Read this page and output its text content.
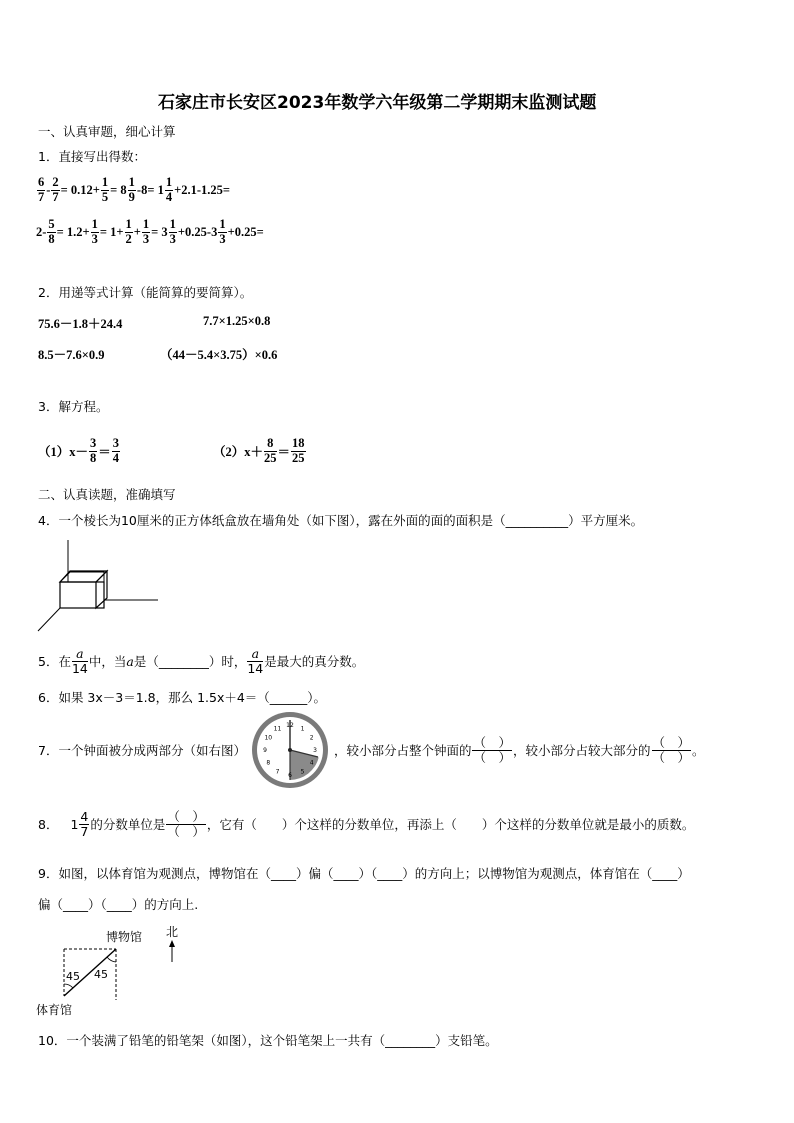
石家庄市长安区2023年数学六年级第二学期期末监测试题
一、认真审题，细心计算
1．直接写出得数：
$\frac{6}{7} - \frac{2}{7} = 0.12+ \frac{1}{5} = 8 \frac{1}{9} -8= 1 \frac{1}{4} +2.1-1.25=$
$2- \frac{5}{8} = 1.2+ \frac{1}{3} = 1+ \frac{1}{2} + \frac{1}{3} = 3 \frac{1}{3} +0.25-3 \frac{1}{3} +0.25=$
2．用递等式计算（能简算的要简算）。
75.6－1.8＋24.4	7.7×1.25×0.8
8.5－7.6×0.9	（44－5.4×3.75）×0.6
3．解方程。
$(1)x- \frac{3}{8} = \frac{3}{4}$	$(2)x+ \frac{8}{25} = \frac{18}{25}$
二、认真读题，准确填写
4．一个棱长为10厘米的正方体纸盒放在墙角处（如下图），露在外面的面的面积是（__________）平方厘米。
5．在 $\frac{a}{14}$ 中，当 a 是（________）时， $\frac{a}{14}$ 是最大的真分数。
6．如果 3x－3＝1.8，那么 1.5x＋4＝（______）。
7．一个钟面被分成两部分（如右图）
12 1
2
3
4
5
6
7
8
9
10
11
，较小部分占整个钟面的 $\frac{( )}{( )}$ ，较小部分占较大部分的 $\frac{( )}{( )}$ 。
8． $1 \frac{4}{7}$ 的分数单位是 $\frac{( )}{( )}$ ，它有（　　）个这样的分数单位，再添上（　　）个这样的分数单位就是最小的质数。
9．如图，以体育馆为观测点，博物馆在（____）偏（____）（____）的方向上；以博物馆为观测点，体育馆在（____）
偏（____）（____）的方向上.
博物馆 北
45 45
体育馆
10．一个装满了铅笔的铅笔架（如图），这个铅笔架上一共有（________）支铅笔。
